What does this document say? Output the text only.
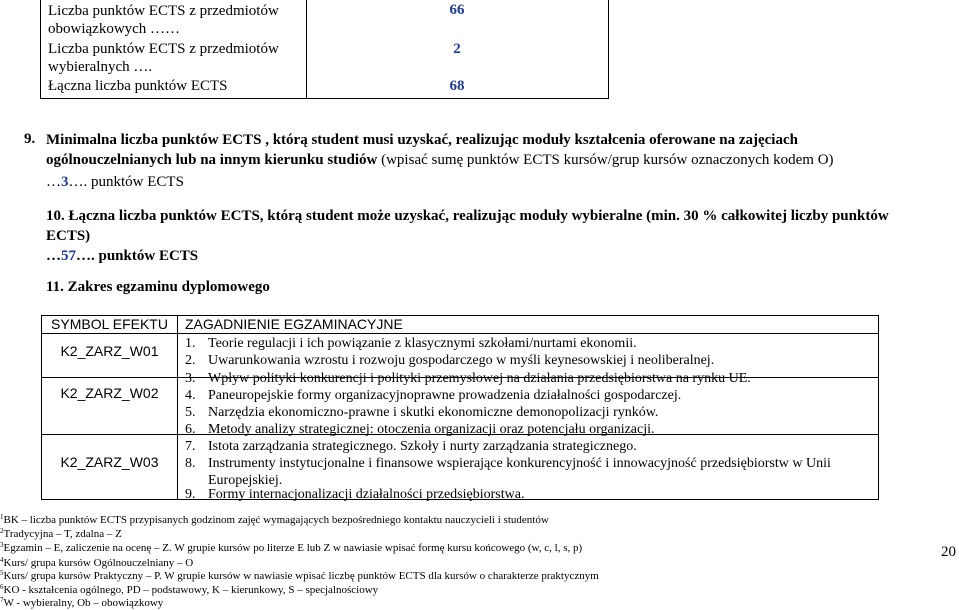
Liczba punktów ECTS z przedmiotów
obowiązkowych ……
66
Liczba punktów ECTS z przedmiotów
wybieralnych ….
2
Łączna liczba punktów ECTS	68
9. Minimalna liczba punktów ECTS , którą student musi uzyskać, realizując moduły kształcenia oferowane na zajęciach
ogólnouczelnianych lub na innym kierunku studiów (wpisać sumę punktów ECTS kursów/grup kursów oznaczonych kodem O)
…3…. punktów ECTS
10. Łączna liczba punktów ECTS, którą student może uzyskać, realizując moduły wybieralne (min. 30 % całkowitej liczby punktów
ECTS)
…57…. punktów ECTS
11. Zakres egzaminu dyplomowego
SYMBOL EFEKTU	ZAGADNIENIE EGZAMINACYJNE
K2_ZARZ_W01
K2_ZARZ_W02
K2_ZARZ_W03
1. Teorie regulacji i ich powiązanie z klasycznymi szkołami/nurtami ekonomii.
2. Uwarunkowania wzrostu i rozwoju gospodarczego w myśli keynesowskiej i neoliberalnej.
3. Wpływ polityki konkurencji i polityki przemysłowej na działania przedsiębiorstwa na rynku UE.
4. Paneuropejskie formy organizacyjnoprawne prowadzenia działalności gospodarczej.
5. Narzędzia ekonomiczno-prawne i skutki ekonomiczne demonopolizacji rynków.
6. Metody analizy strategicznej: otoczenia organizacji oraz potencjału organizacji.
7. Istota zarządzania strategicznego. Szkoły i nurty zarządzania strategicznego.
8. Instrumenty instytucjonalne i finansowe wspierające konkurencyjność i innowacyjność przedsiębiorstw w Unii
Europejskiej.
9. Formy internacjonalizacji działalności przedsiębiorstwa.
$^1$BK – liczba punktów ECTS przypisanych godzinom zajęć wymagających bezpośredniego kontaktu nauczycieli i studentów
$^2$Tradycyjna – T, zdalna – Z
$^3$Egzamin – E, zaliczenie na ocenę – Z. W grupie kursów po literze E lub Z w nawiasie wpisać formę kursu końcowego (w, c, l, s, p)
$^4$Kurs/ grupa kursów Ogólnouczelniany – O
$^5$Kurs/ grupa kursów Praktyczny – P. W grupie kursów w nawiasie wpisać liczbę punktów ECTS dla kursów o charakterze praktycznym
$^6$KO - kształcenia ogólnego, PD – podstawowy, K – kierunkowy, S – specjalnościowy
$^7$W - wybieralny, Ob – obowiązkowy
20
